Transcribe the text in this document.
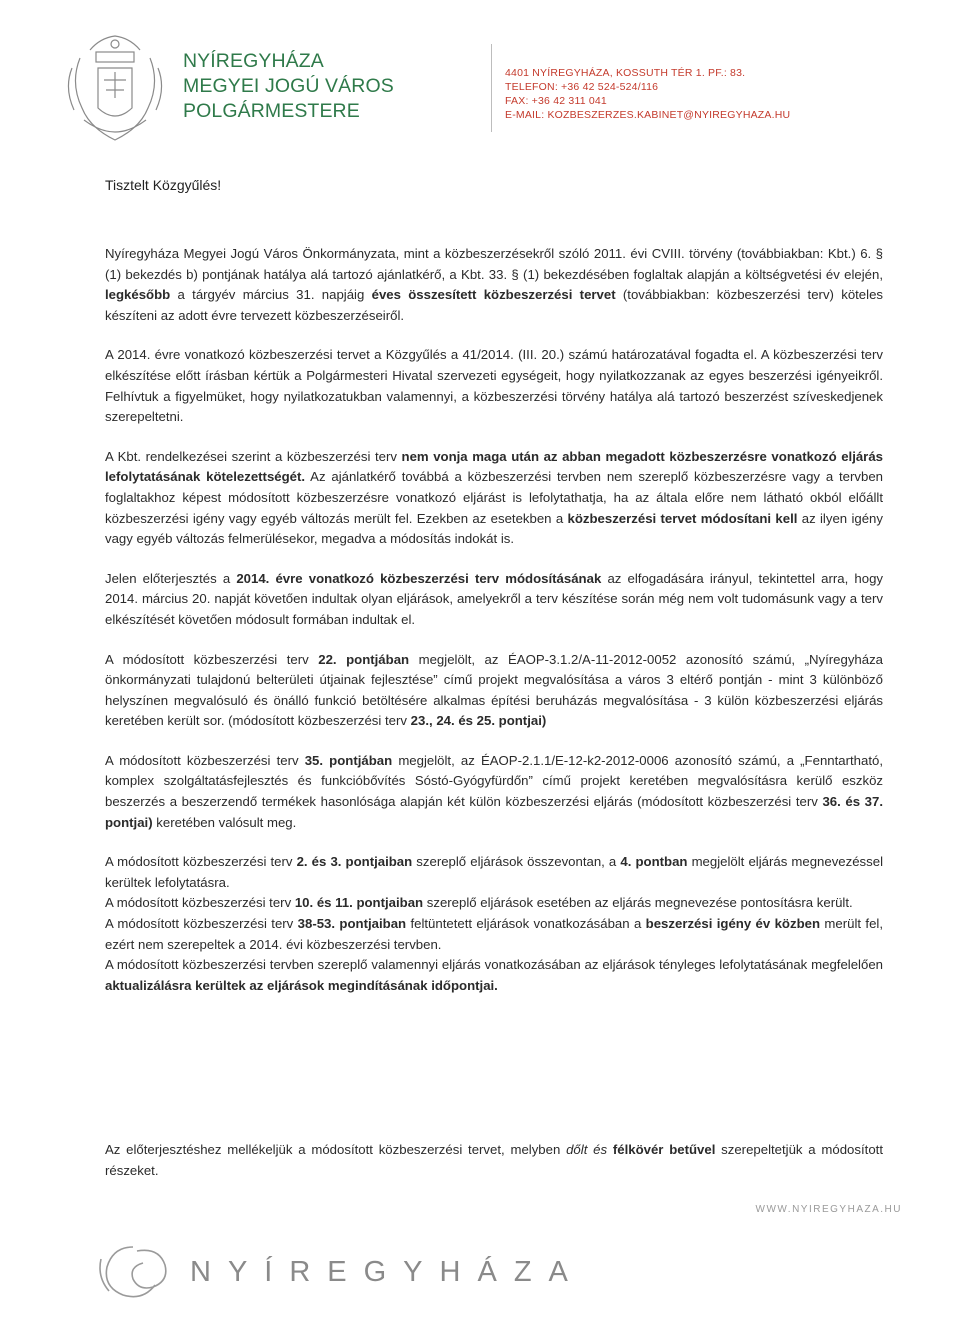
NYÍREGYHÁZA
MEGYEI JOGÚ VÁROS
POLGÁRMESTERE
4401 NYÍREGYHÁZA, KOSSUTH TÉR 1. PF.: 83.
TELEFON: +36 42 524-524/116
FAX: +36 42 311 041
E-MAIL: KOZBESZERZES.KABINET@NYIREGYHAZA.HU
Tisztelt Közgyűlés!

Nyíregyháza Megyei Jogú Város Önkormányzata, mint a közbeszerzésekről szóló 2011. évi CVIII. törvény (továbbiakban: Kbt.) 6. § (1) bekezdés b) pontjának hatálya alá tartozó ajánlatkérő, a Kbt. 33. § (1) bekezdésében foglaltak alapján a költségvetési év elején, legkésőbb a tárgyév március 31. napjáig éves összesített közbeszerzési tervet (továbbiakban: közbeszerzési terv) köteles készíteni az adott évre tervezett közbeszerzéseiről.

A 2014. évre vonatkozó közbeszerzési tervet a Közgyűlés a 41/2014. (III. 20.) számú határozatával fogadta el. A közbeszerzési terv elkészítése előtt írásban kértük a Polgármesteri Hivatal szervezeti egységeit, hogy nyilatkozzanak az egyes beszerzési igényeikről. Felhívtuk a figyelmüket, hogy nyilatkozatukban valamennyi, a közbeszerzési törvény hatálya alá tartozó beszerzést szíveskedjenek szerepeltetni.

A Kbt. rendelkezései szerint a közbeszerzési terv nem vonja maga után az abban megadott közbeszerzésre vonatkozó eljárás lefolytatásának kötelezettségét. Az ajánlatkérő továbbá a közbeszerzési tervben nem szereplő közbeszerzésre vagy a tervben foglaltakhoz képest módosított közbeszerzésre vonatkozó eljárást is lefolytathatja, ha az általa előre nem látható okból előállt közbeszerzési igény vagy egyéb változás merült fel. Ezekben az esetekben a közbeszerzési tervet módosítani kell az ilyen igény vagy egyéb változás felmerülésekor, megadva a módosítás indokát is.

Jelen előterjesztés a 2014. évre vonatkozó közbeszerzési terv módosításának az elfogadására irányul, tekintettel arra, hogy 2014. március 20. napját követően indultak olyan eljárások, amelyekről a terv készítése során még nem volt tudomásunk vagy a terv elkészítését követően módosult formában indultak el.

A módosított közbeszerzési terv 22. pontjában megjelölt, az ÉAOP-3.1.2/A-11-2012-0052 azonosító számú, „Nyíregyháza önkormányzati tulajdonú belterületi útjainak fejlesztése” című projekt megvalósítása a város 3 eltérő pontján - mint 3 különböző helyszínen megvalósuló és önálló funkció betöltésére alkalmas építési beruházás megvalósítása - 3 külön közbeszerzési eljárás keretében került sor. (módosított közbeszerzési terv 23., 24. és 25. pontjai)

A módosított közbeszerzési terv 35. pontjában megjelölt, az ÉAOP-2.1.1/E-12-k2-2012-0006 azonosító számú, a „Fenntartható, komplex szolgáltatásfejlesztés és funkcióbővítés Sóstó-Gyógyfürdőn” című projekt keretében megvalósításra kerülő eszköz beszerzés a beszerzendő termékek hasonlósága alapján két külön közbeszerzési eljárás (módosított közbeszerzési terv 36. és 37. pontjai) keretében valósult meg.

A módosított közbeszerzési terv 2. és 3. pontjaiban szereplő eljárások összevontan, a 4. pontban megjelölt eljárás megnevezéssel kerültek lefolytatásra.

A módosított közbeszerzési terv 10. és 11. pontjaiban szereplő eljárások esetében az eljárás megnevezése pontosításra került.

A módosított közbeszerzési terv 38-53. pontjaiban feltüntetett eljárások vonatkozásában a beszerzési igény év közben merült fel, ezért nem szerepeltek a 2014. évi közbeszerzési tervben.

A módosított közbeszerzési tervben szereplő valamennyi eljárás vonatkozásában az eljárások tényleges lefolytatásának megfelelően aktualizálásra kerültek az eljárások megindításának időpontjai.

Az előterjesztéshez mellékeljük a módosított közbeszerzési tervet, melyben dőlt és félkövér betűvel szerepeltetjük a módosított részeket.

WWW.NYIREGYHAZA.HU
NYÍREGYHÁZA
